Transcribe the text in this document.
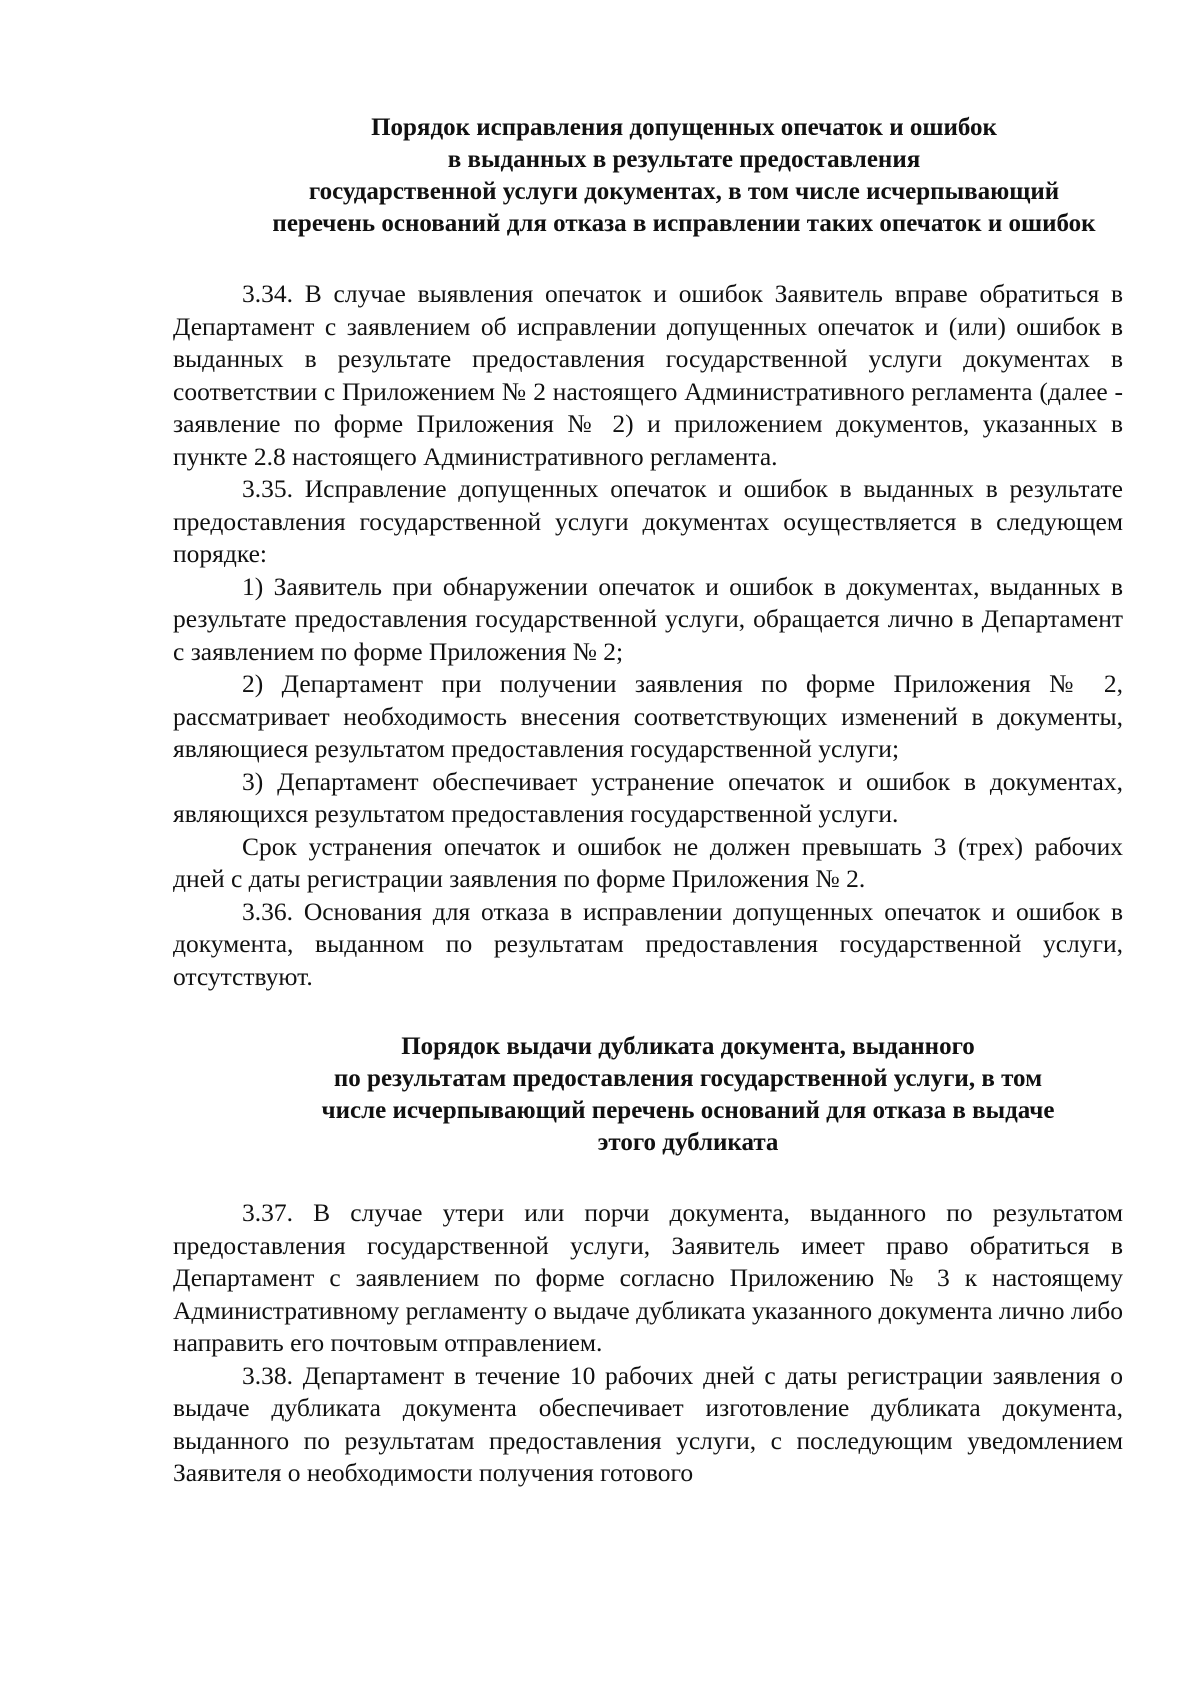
Порядок исправления допущенных опечаток и ошибок
в выданных в результате предоставления
государственной услуги документах, в том числе исчерпывающий
перечень оснований для отказа в исправлении таких опечаток и ошибок

3.34. В случае выявления опечаток и ошибок Заявитель вправе обратиться в Департамент с заявлением об исправлении допущенных опечаток и (или) ошибок в выданных в результате предоставления государственной услуги документах в соответствии с Приложением № 2 настоящего Административного регламента (далее - заявление по форме Приложения № 2) и приложением документов, указанных в пункте 2.8 настоящего Административного регламента.

3.35. Исправление допущенных опечаток и ошибок в выданных в результате предоставления государственной услуги документах осуществляется в следующем порядке:

1) Заявитель при обнаружении опечаток и ошибок в документах, выданных в результате предоставления государственной услуги, обращается лично в Департамент с заявлением по форме Приложения № 2;

2) Департамент при получении заявления по форме Приложения № 2, рассматривает необходимость внесения соответствующих изменений в документы, являющиеся результатом предоставления государственной услуги;

3) Департамент обеспечивает устранение опечаток и ошибок в документах, являющихся результатом предоставления государственной услуги.

Срок устранения опечаток и ошибок не должен превышать 3 (трех) рабочих дней с даты регистрации заявления по форме Приложения № 2.

3.36. Основания для отказа в исправлении допущенных опечаток и ошибок в документа, выданном по результатам предоставления государственной услуги, отсутствуют.

Порядок выдачи дубликата документа, выданного
по результатам предоставления государственной услуги, в том
числе исчерпывающий перечень оснований для отказа в выдаче
этого дубликата

3.37. В случае утери или порчи документа, выданного по результатом предоставления государственной услуги, Заявитель имеет право обратиться в Департамент с заявлением по форме согласно Приложению № 3 к настоящему Административному регламенту о выдаче дубликата указанного документа лично либо направить его почтовым отправлением.

3.38. Департамент в течение 10 рабочих дней с даты регистрации заявления о выдаче дубликата документа обеспечивает изготовление дубликата документа, выданного по результатам предоставления услуги, с последующим уведомлением Заявителя о необходимости получения готового
